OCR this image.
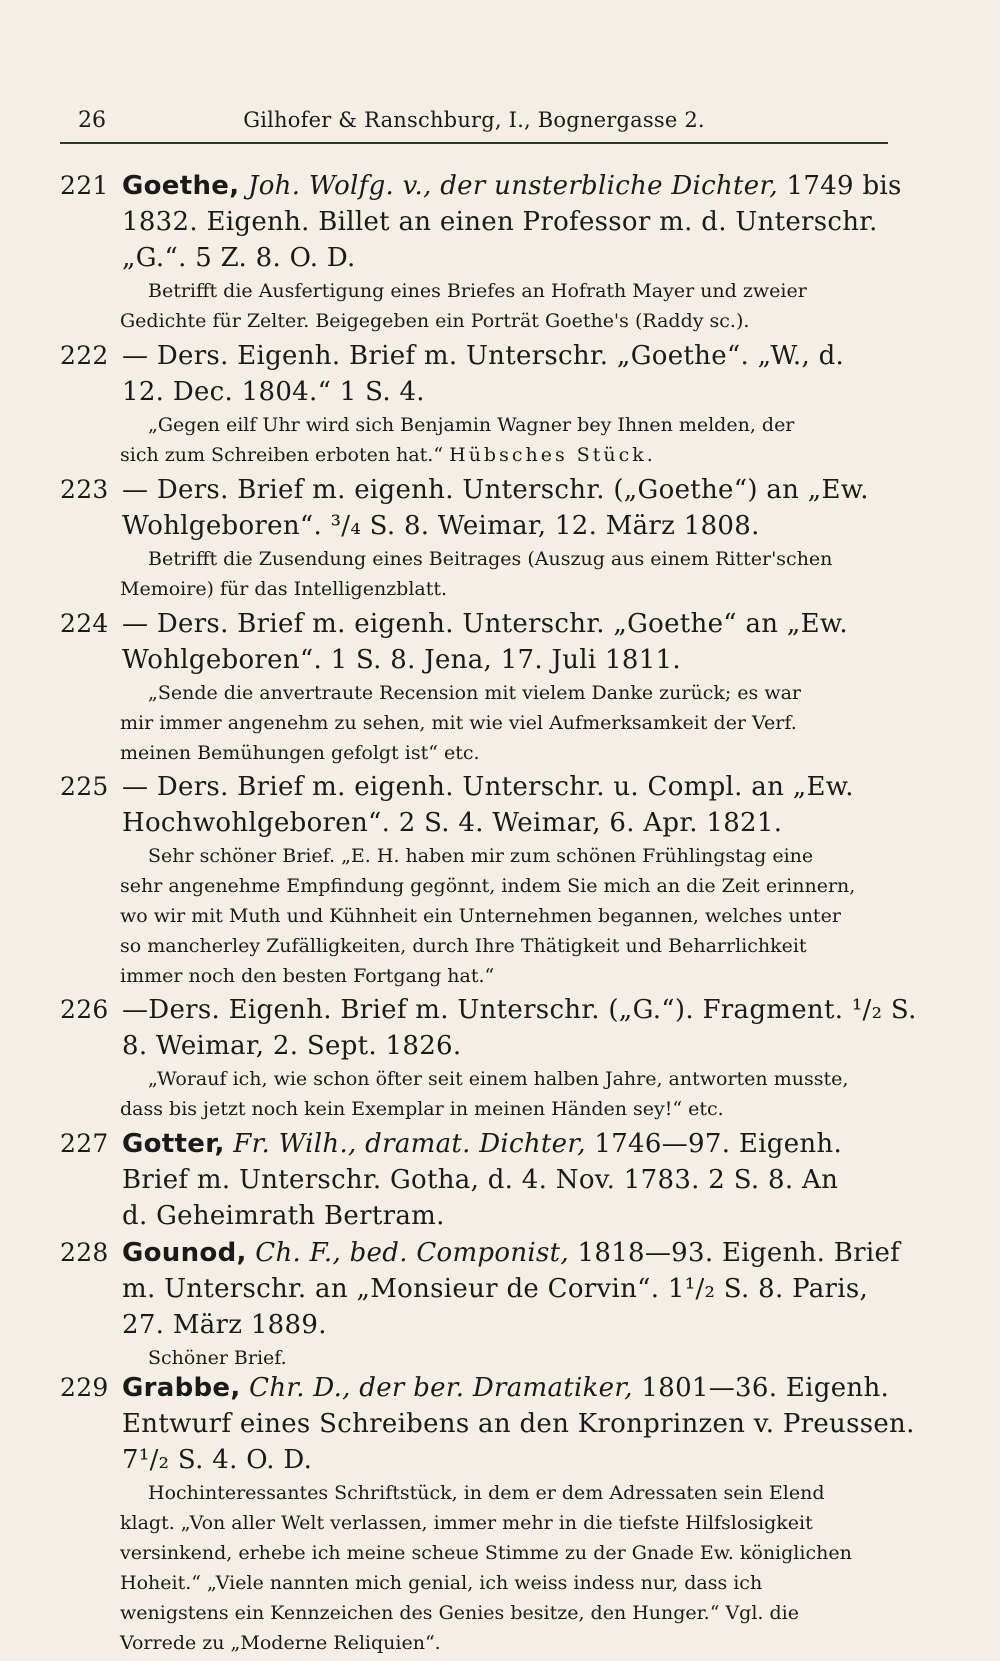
26	Gilhofer & Ranschburg, I., Bognergasse 2.
221 Goethe, Joh. Wolfg. v., der unsterbliche Dichter, 1749 bis
1832. Eigenh. Billet an einen Professor m. d. Unterschr.
„G.“. 5 Z. 8. O. D.
Betrifft die Ausfertigung eines Briefes an Hofrath Mayer und zweier
Gedichte für Zelter. Beigegeben ein Porträt Goethe's (Raddy sc.).
222 — Ders. Eigenh. Brief m. Unterschr. „Goethe“. „W., d.
12. Dec. 1804.“ 1 S. 4.
„Gegen eilf Uhr wird sich Benjamin Wagner bey Ihnen melden, der
sich zum Schreiben erboten hat.“ Hübsches Stück.
223 — Ders. Brief m. eigenh. Unterschr. („Goethe“) an „Ew.
Wohlgeboren“. ³/₄ S. 8. Weimar, 12. März 1808.
Betrifft die Zusendung eines Beitrages (Auszug aus einem Ritter'schen
Memoire) für das Intelligenzblatt.
224 — Ders. Brief m. eigenh. Unterschr. „Goethe“ an „Ew.
Wohlgeboren“. 1 S. 8. Jena, 17. Juli 1811.
„Sende die anvertraute Recension mit vielem Danke zurück; es war
mir immer angenehm zu sehen, mit wie viel Aufmerksamkeit der Verf.
meinen Bemühungen gefolgt ist“ etc.
225 — Ders. Brief m. eigenh. Unterschr. u. Compl. an „Ew.
Hochwohlgeboren“. 2 S. 4. Weimar, 6. Apr. 1821.
Sehr schöner Brief. „E. H. haben mir zum schönen Frühlingstag eine
sehr angenehme Empfindung gegönnt, indem Sie mich an die Zeit erinnern,
wo wir mit Muth und Kühnheit ein Unternehmen begannen, welches unter
so mancherley Zufälligkeiten, durch Ihre Thätigkeit und Beharrlichkeit
immer noch den besten Fortgang hat.“
226 —Ders. Eigenh. Brief m. Unterschr. („G.“). Fragment. ¹/₂ S.
8. Weimar, 2. Sept. 1826.
„Worauf ich, wie schon öfter seit einem halben Jahre, antworten musste,
dass bis jetzt noch kein Exemplar in meinen Händen sey!“ etc.
227 Gotter, Fr. Wilh., dramat. Dichter, 1746—97. Eigenh.
Brief m. Unterschr. Gotha, d. 4. Nov. 1783. 2 S. 8. An
d. Geheimrath Bertram.
228 Gounod, Ch. F., bed. Componist, 1818—93. Eigenh. Brief
m. Unterschr. an „Monsieur de Corvin“. 1¹/₂ S. 8. Paris,
27. März 1889.
Schöner Brief.
229 Grabbe, Chr. D., der ber. Dramatiker, 1801—36. Eigenh.
Entwurf eines Schreibens an den Kronprinzen v. Preussen.
7¹/₂ S. 4. O. D.
Hochinteressantes Schriftstück, in dem er dem Adressaten sein Elend
klagt. „Von aller Welt verlassen, immer mehr in die tiefste Hilfslosigkeit
versinkend, erhebe ich meine scheue Stimme zu der Gnade Ew. königlichen
Hoheit.“ „Viele nannten mich genial, ich weiss indess nur, dass ich
wenigstens ein Kennzeichen des Genies besitze, den Hunger.“ Vgl. die
Vorrede zu „Moderne Reliquien“.
